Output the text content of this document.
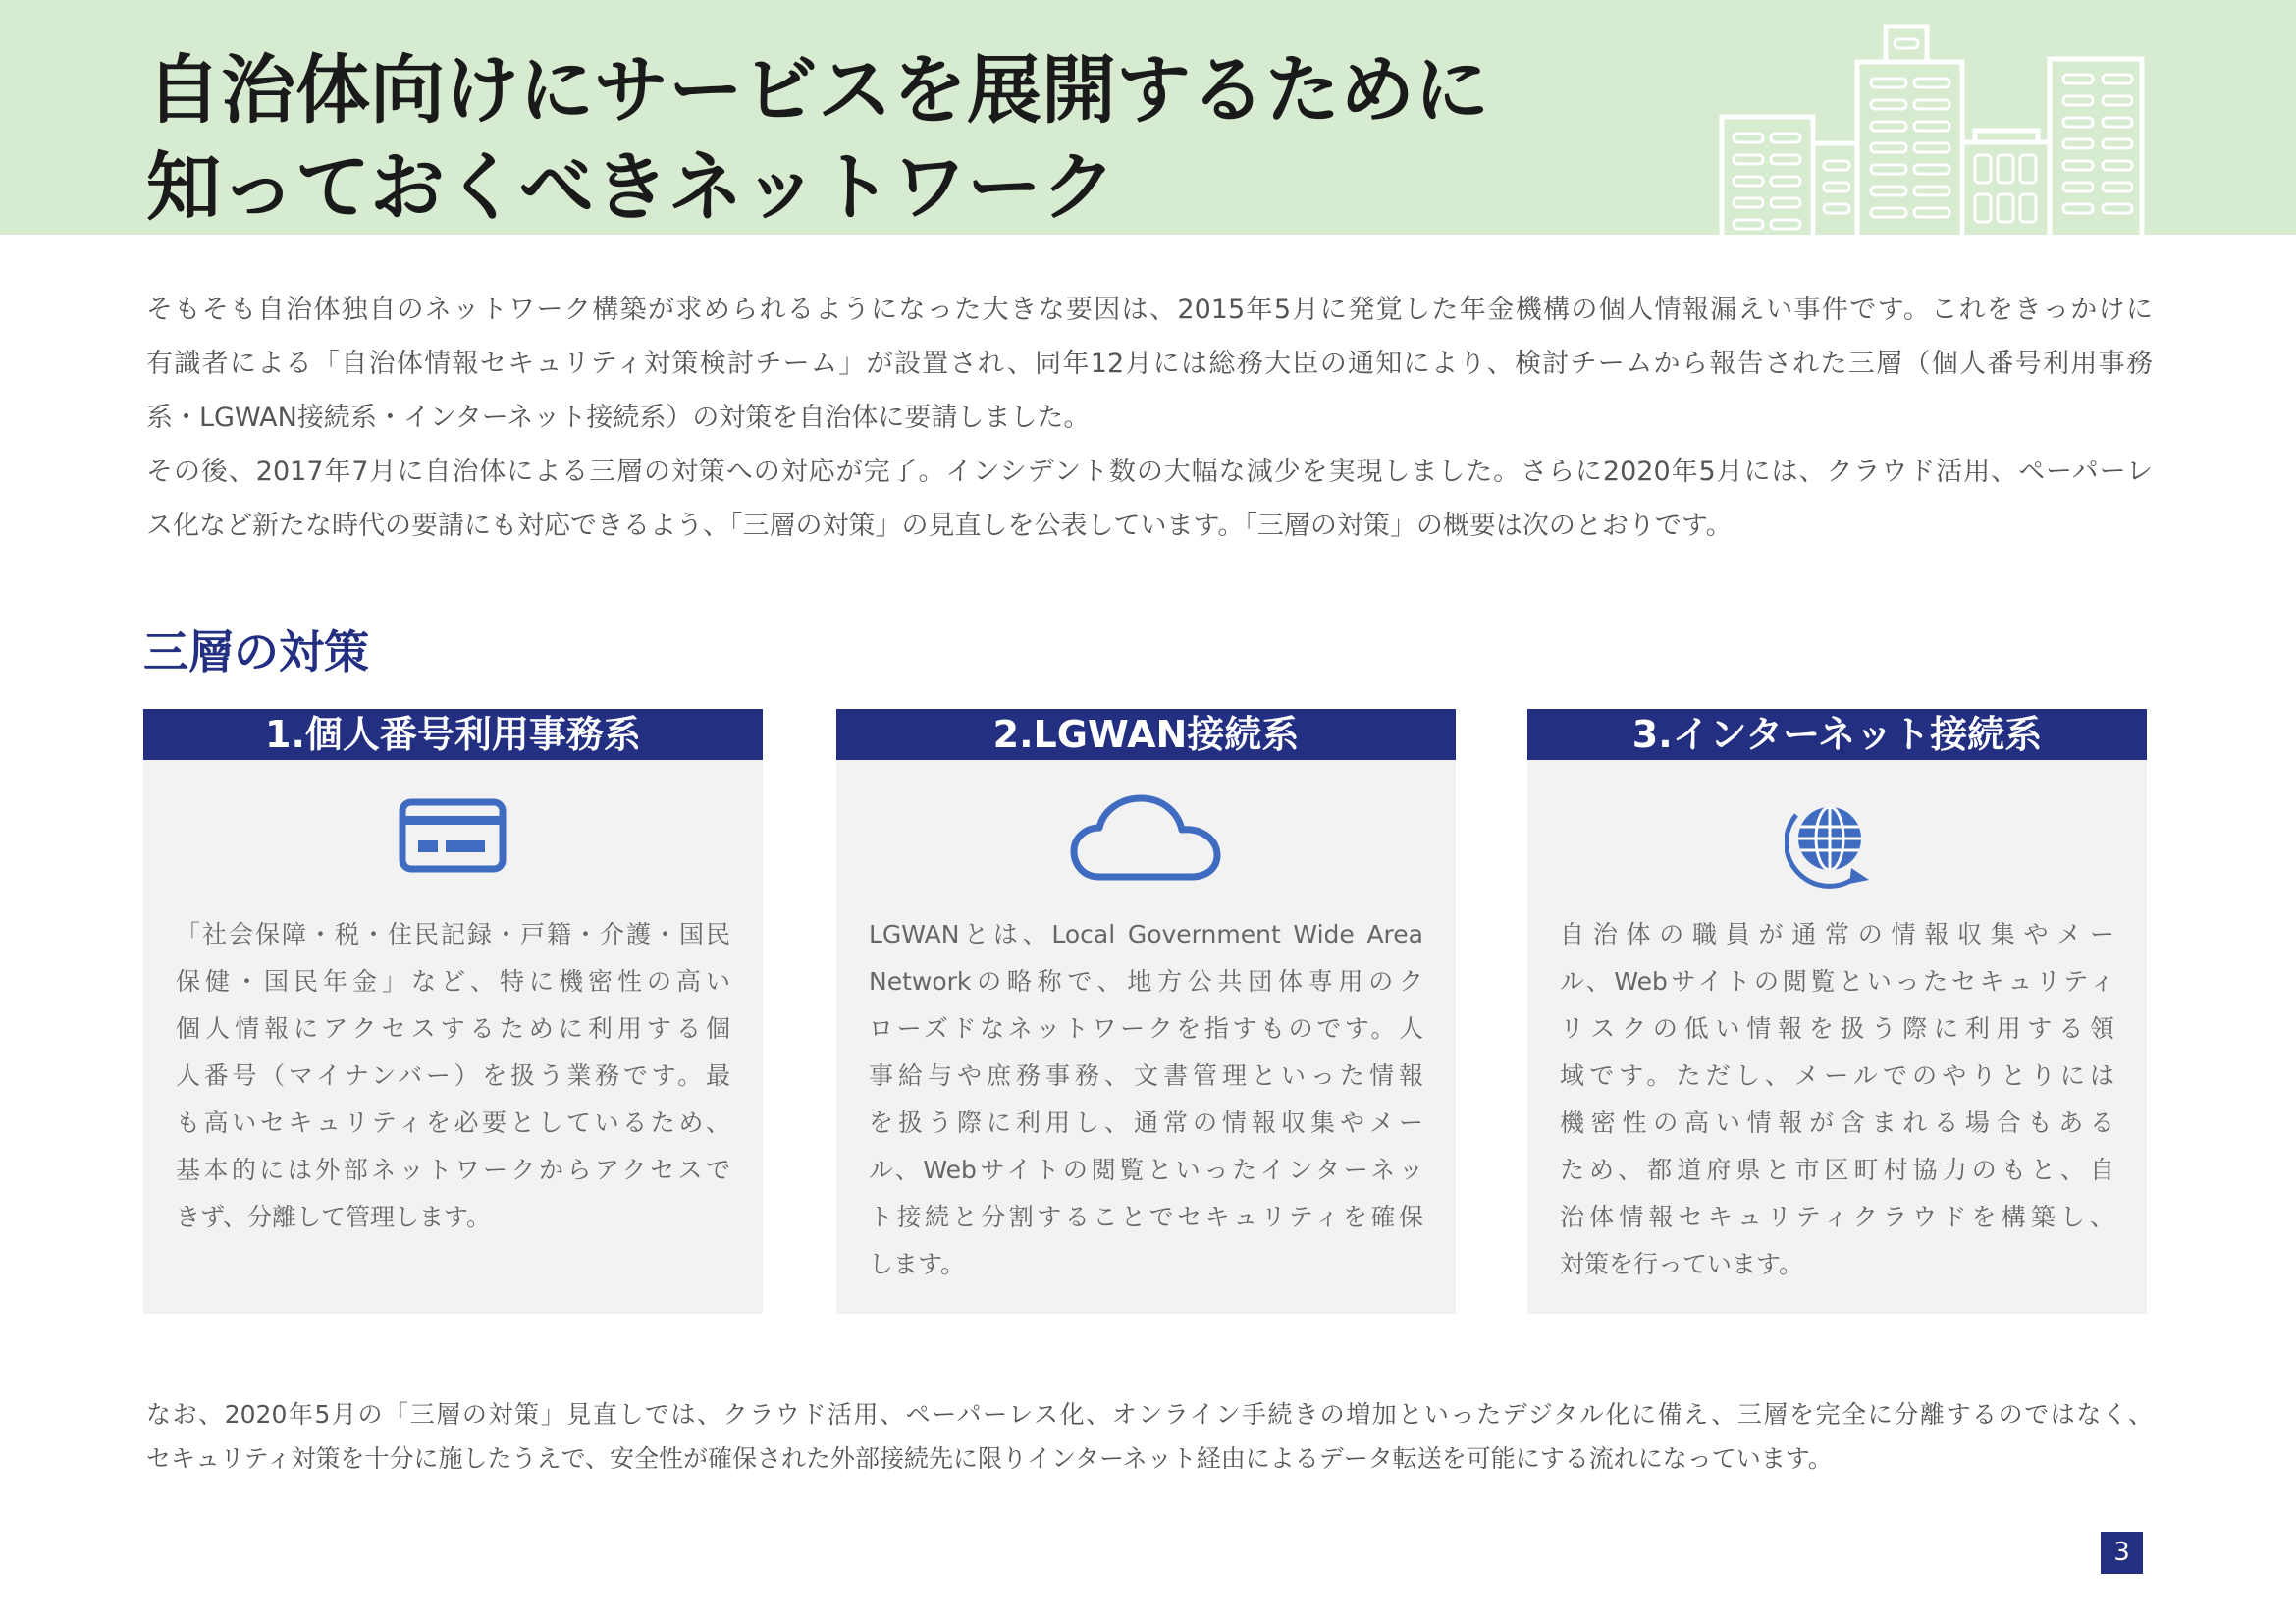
自治体向けにサービスを展開するために
知っておくべきネットワーク
そもそも自治体独自のネットワーク構築が求められるようになった大きな要因は、2015年5月に発覚した年金機構の個人情報漏えい事件です。これをきっかけに
有識者による「自治体情報セキュリティ対策検討チーム」が設置され、同年12月には総務大臣の通知により、検討チームから報告された三層（個人番号利用事務
系・LGWAN接続系・インターネット接続系）の対策を自治体に要請しました。
その後、2017年7月に自治体による三層の対策への対応が完了。インシデント数の大幅な減少を実現しました。さらに2020年5月には、クラウド活用、ペーパーレ
ス化など新たな時代の要請にも対応できるよう、「三層の対策」の見直しを公表しています。「三層の対策」の概要は次のとおりです。
三層の対策
1.個人番号利用事務系
「社会保障・税・住民記録・戸籍・介護・国民
保健・国民年金」など、特に機密性の高い
個人情報にアクセスするために利用する個
人番号（マイナンバー）を扱う業務です。最
も高いセキュリティを必要としているため、
基本的には外部ネットワークからアクセスで
きず、分離して管理します。
2.LGWAN接続系
LGWANとは、Local Government Wide Area
Networkの略称で、地方公共団体専用のク
ローズドなネットワークを指すものです。人
事給与や庶務事務、文書管理といった情報
を扱う際に利用し、通常の情報収集やメー
ル、Webサイトの閲覧といったインターネッ
ト接続と分割することでセキュリティを確保
します。
3.インターネット接続系
自治体の職員が通常の情報収集やメー
ル、Webサイトの閲覧といったセキュリティ
リスクの低い情報を扱う際に利用する領
域です。ただし、メールでのやりとりには
機密性の高い情報が含まれる場合もある
ため、都道府県と市区町村協力のもと、自
治体情報セキュリティクラウドを構築し、
対策を行っています。
なお、2020年5月の「三層の対策」見直しでは、クラウド活用、ペーパーレス化、オンライン手続きの増加といったデジタル化に備え、三層を完全に分離するのではなく、
セキュリティ対策を十分に施したうえで、安全性が確保された外部接続先に限りインターネット経由によるデータ転送を可能にする流れになっています。
3
